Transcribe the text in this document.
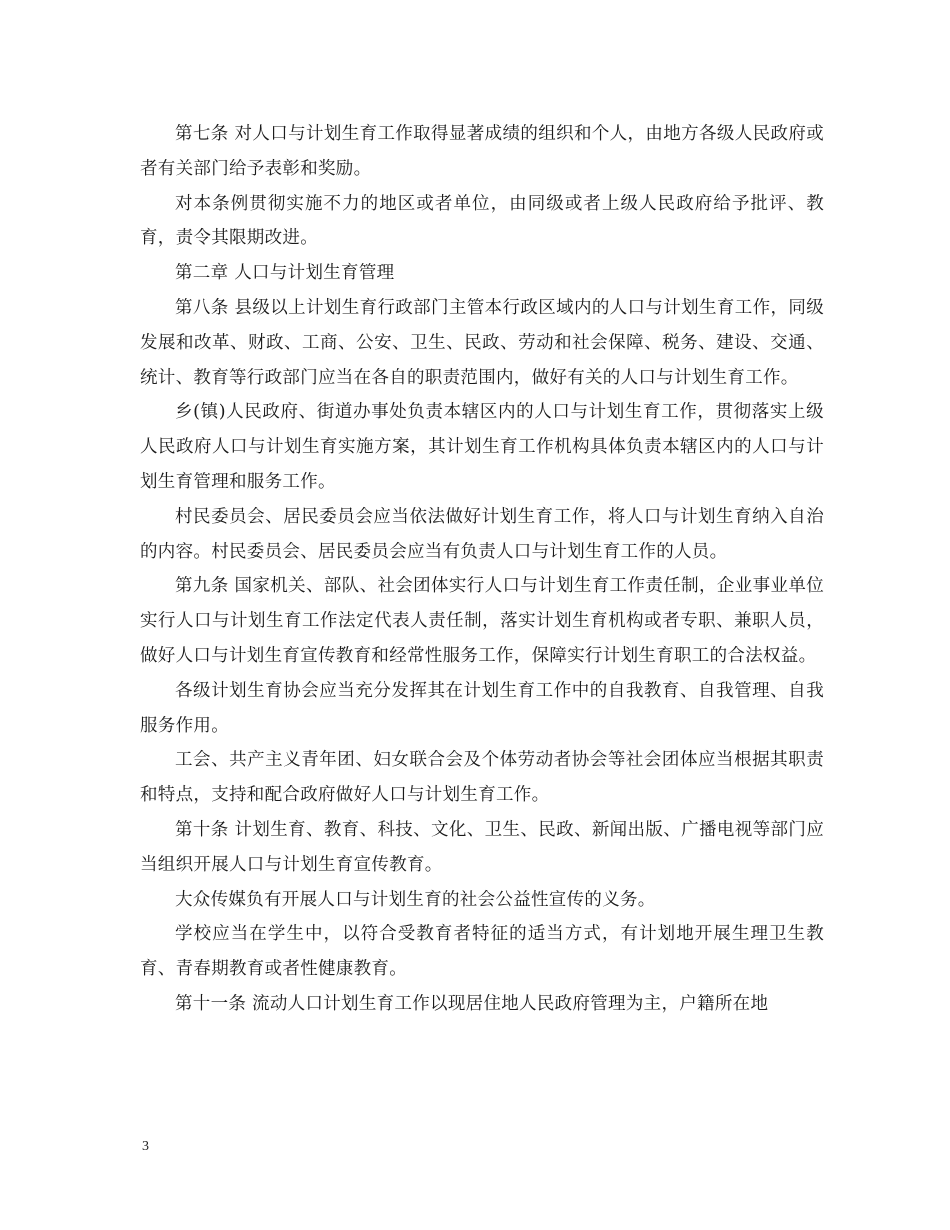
第七条 对人口与计划生育工作取得显著成绩的组织和个人，由地方各级人民政府或者有关部门给予表彰和奖励。

对本条例贯彻实施不力的地区或者单位，由同级或者上级人民政府给予批评、教育，责令其限期改进。

第二章 人口与计划生育管理

第八条 县级以上计划生育行政部门主管本行政区域内的人口与计划生育工作，同级发展和改革、财政、工商、公安、卫生、民政、劳动和社会保障、税务、建设、交通、统计、教育等行政部门应当在各自的职责范围内，做好有关的人口与计划生育工作。

乡(镇)人民政府、街道办事处负责本辖区内的人口与计划生育工作，贯彻落实上级人民政府人口与计划生育实施方案，其计划生育工作机构具体负责本辖区内的人口与计划生育管理和服务工作。

村民委员会、居民委员会应当依法做好计划生育工作，将人口与计划生育纳入自治的内容。村民委员会、居民委员会应当有负责人口与计划生育工作的人员。

第九条 国家机关、部队、社会团体实行人口与计划生育工作责任制，企业事业单位实行人口与计划生育工作法定代表人责任制，落实计划生育机构或者专职、兼职人员，做好人口与计划生育宣传教育和经常性服务工作，保障实行计划生育职工的合法权益。

各级计划生育协会应当充分发挥其在计划生育工作中的自我教育、自我管理、自我服务作用。

工会、共产主义青年团、妇女联合会及个体劳动者协会等社会团体应当根据其职责和特点，支持和配合政府做好人口与计划生育工作。

第十条 计划生育、教育、科技、文化、卫生、民政、新闻出版、广播电视等部门应当组织开展人口与计划生育宣传教育。

大众传媒负有开展人口与计划生育的社会公益性宣传的义务。

学校应当在学生中，以符合受教育者特征的适当方式，有计划地开展生理卫生教育、青春期教育或者性健康教育。

第十一条 流动人口计划生育工作以现居住地人民政府管理为主，户籍所在地

3
